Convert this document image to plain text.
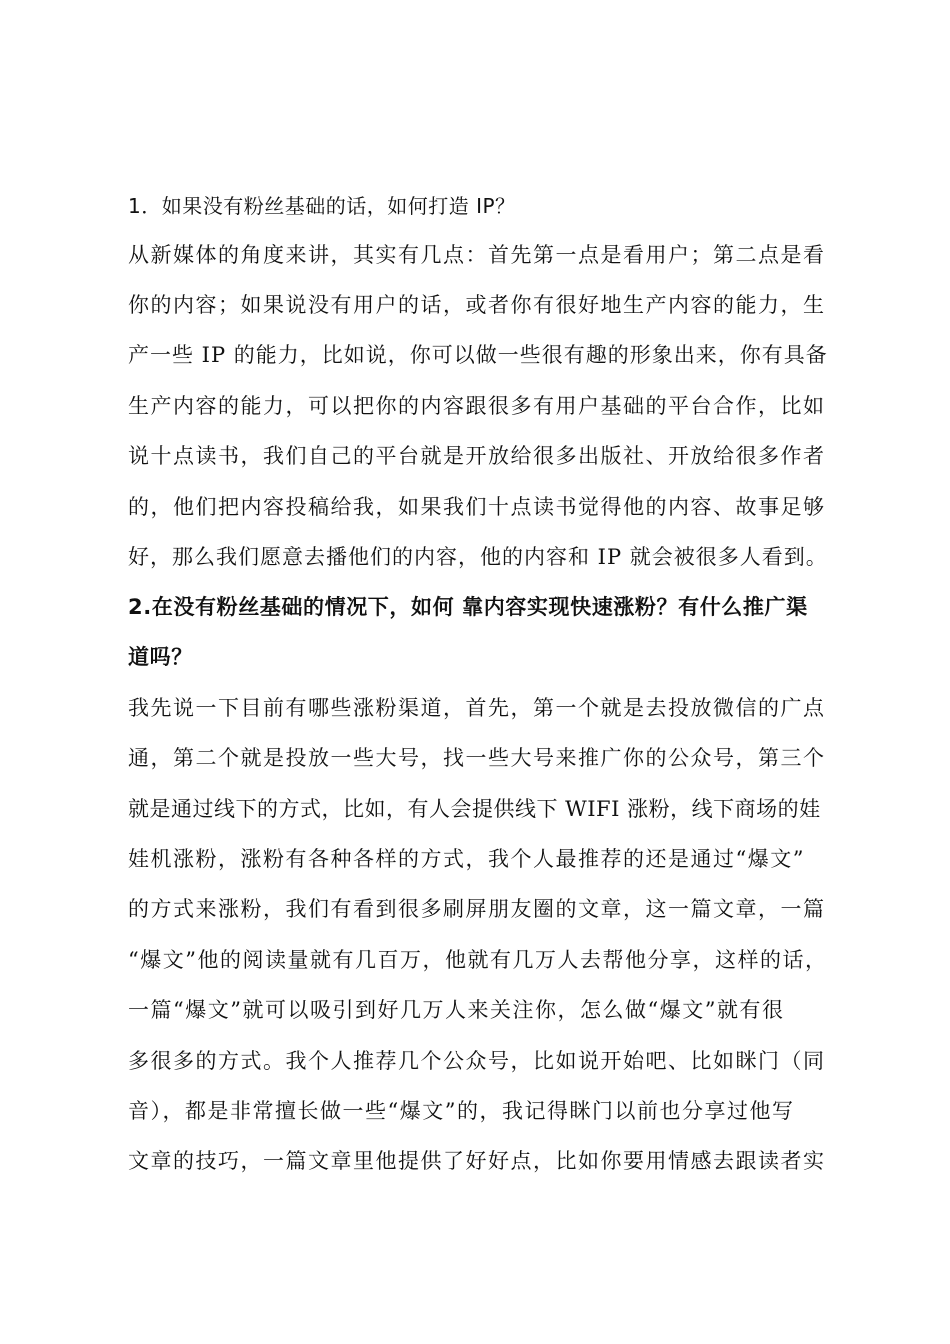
1．如果没有粉丝基础的话，如何打造 IP？
从新媒体的角度来讲，其实有几点：首先第一点是看用户；第二点是看
你的内容；如果说没有用户的话，或者你有很好地生产内容的能力，生
产一些 IP 的能力，比如说，你可以做一些很有趣的形象出来，你有具备
生产内容的能力，可以把你的内容跟很多有用户基础的平台合作，比如
说十点读书，我们自己的平台就是开放给很多出版社、开放给很多作者
的，他们把内容投稿给我，如果我们十点读书觉得他的内容、故事足够
好，那么我们愿意去播他们的内容，他的内容和 IP 就会被很多人看到。
2.在没有粉丝基础的情况下，如何 靠内容实现快速涨粉？有什么推广渠
道吗？
我先说一下目前有哪些涨粉渠道，首先，第一个就是去投放微信的广点
通，第二个就是投放一些大号，找一些大号来推广你的公众号，第三个
就是通过线下的方式，比如，有人会提供线下 WIFI 涨粉，线下商场的娃
娃机涨粉，涨粉有各种各样的方式，我个人最推荐的还是通过“爆文”
的方式来涨粉，我们有看到很多刷屏朋友圈的文章，这一篇文章，一篇
“爆文”他的阅读量就有几百万，他就有几万人去帮他分享，这样的话，
一篇“爆文”就可以吸引到好几万人来关注你，怎么做“爆文”就有很
多很多的方式。我个人推荐几个公众号，比如说开始吧、比如眯门（同
音），都是非常擅长做一些“爆文”的，我记得眯门以前也分享过他写
文章的技巧，一篇文章里他提供了好好点，比如你要用情感去跟读者实
